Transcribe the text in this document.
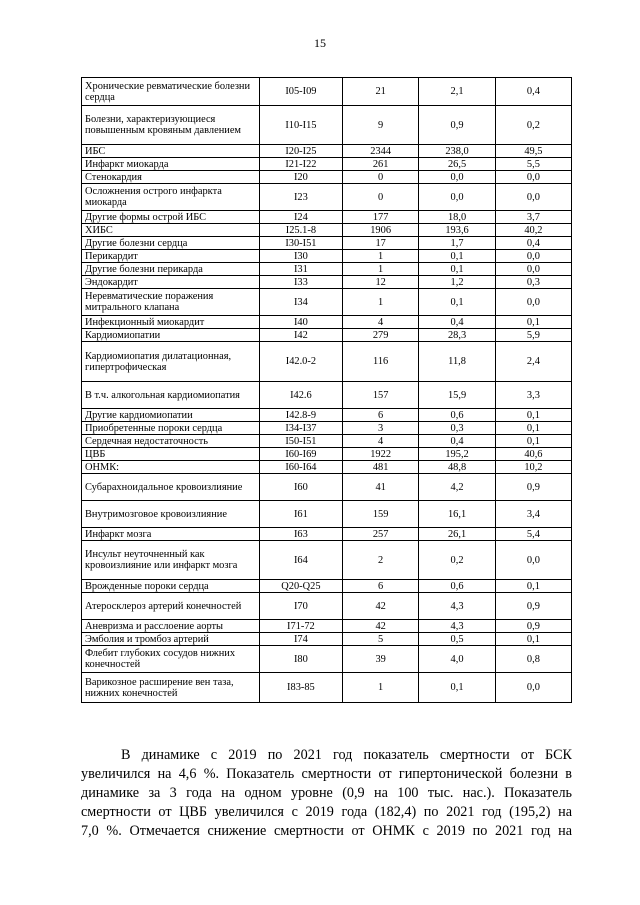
15
Хронические ревматические болезни сердца	I05-I09	21	2,1	0,4
Болезни, характеризующиеся повышенным кровяным давлением	I10-I15	9	0,9	0,2
ИБС	I20-I25	2344	238,0	49,5
Инфаркт миокарда	I21-I22	261	26,5	5,5
Стенокардия	I20	0	0,0	0,0
Осложнения острого инфаркта миокарда	I23	0	0,0	0,0
Другие формы острой ИБС	I24	177	18,0	3,7
ХИБС	I25.1-8	1906	193,6	40,2
Другие болезни сердца	I30-I51	17	1,7	0,4
Перикардит	I30	1	0,1	0,0
Другие болезни перикарда	I31	1	0,1	0,0
Эндокардит	I33	12	1,2	0,3
Неревматические поражения митрального клапана	I34	1	0,1	0,0
Инфекционный миокардит	I40	4	0,4	0,1
Кардиомиопатии	I42	279	28,3	5,9
Кардиомиопатия дилатационная, гипертрофическая	I42.0-2	116	11,8	2,4
В т.ч. алкогольная кардиомиопатия	I42.6	157	15,9	3,3
Другие кардиомиопатии	I42.8-9	6	0,6	0,1
Приобретенные пороки сердца	I34-I37	3	0,3	0,1
Сердечная недостаточность	I50-I51	4	0,4	0,1
ЦВБ	I60-I69	1922	195,2	40,6
ОНМК:	I60-I64	481	48,8	10,2
Субарахноидальное кровоизлияние	I60	41	4,2	0,9
Внутримозговое кровоизлияние	I61	159	16,1	3,4
Инфаркт мозга	I63	257	26,1	5,4
Инсульт неуточненный как кровоизлияние или инфаркт мозга	I64	2	0,2	0,0
Врожденные пороки сердца	Q20-Q25	6	0,6	0,1
Атеросклероз артерий конечностей	I70	42	4,3	0,9
Аневризма и расслоение аорты	I71-72	42	4,3	0,9
Эмболия и тромбоз артерий	I74	5	0,5	0,1
Флебит глубоких сосудов нижних конечностей	I80	39	4,0	0,8
Варикозное расширение вен таза, нижних конечностей	I83-85	1	0,1	0,0
В динамике с 2019 по 2021 год показатель смертности от БСК
увеличился на 4,6 %. Показатель смертности от гипертонической болезни в
динамике за 3 года на одном уровне (0,9 на 100 тыс. нас.). Показатель
смертности от ЦВБ увеличился с 2019 года (182,4) по 2021 год (195,2) на
7,0 %. Отмечается снижение смертности от ОНМК с 2019 по 2021 год на
